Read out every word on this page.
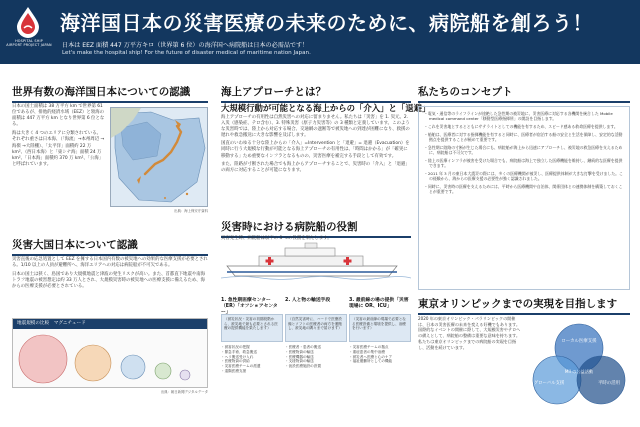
HOSPITAL SHIP
AIRPORT PROJECT JAPAN
海洋国日本の災害医療の未来のために、病院船を創ろう！
日本は EEZ 面積 447 万平方キロ（世界第 6 位）の海洋国へ病院船は日本の必需品です！
Let's make the hospital ship! For the future of disaster medical of maritime nation Japan.
世界有数の海洋国日本についての認識

日本の国土面積は 38 万平方 km で世界第 61 位であるが、排他的経済水域（EEZ）と領海の面積は 447 万平方 km となり世界第 6 位となる。

海は大きく 4 つのエリアに分類されている。それぞれ重さは日本海、（「海流」→本州周辺 → 海嶺 →大陸棚）、「太平洋」面積約 22 万 km²、（西日本海）と「東シナ海」面積 24 万 km²、「日本海」面積約 370 万 km²、「公海」と呼ばれています。

出典：海上保安庁資料
災害大国日本について認識

災害直後の応急処置として EEZ を擁する日本国内有数の被災地への効果的な医療支援が必要とされる。1/10 以上の人員が避難所へ、海洋エリアへの対応は病院船が不可欠である。

日本の国土は狭く、島国であり大規模地震と津波の発生リスクが高い。また、首都直下地震や南海トラフ地震の被害想定は約 33 万人とされ、大規模災害時の被災地への医療支援に備えるため、海からの医療支援が必要とされている。

地震規模の比較　マグニチュード
出典：朝日新聞デジタルデータ
海上アプローチとは？
大規模行動が可能となる海上からの「介入」と「退避」

海上アプローチの有用性は自然災害への対応に留まりません。私たちは「災害」を 1. 災元、2. 入災（感染症、テロ含む）、3. 特殊災害（原子力災害等）の 3 種類と定義しています。このような災害時では、陸上から対応する場合、交通網の遮断等で被災地への到達が困難になり、救援の遅れや救急搬送に大きな影響を及ぼします。

国直のいわゆる十分な陸上からの「介入」=Intervention と「退避」= 退避（Evacuation）を同時に行う大規模な行動が可能となる海上アプローチの有用性は、「時間はかかる」が「確実に移動する」ため重要なインフラとなるものの、災害医療を補完する手段として有効です。

また、陸路が寸断された場合でも海上からアプローチすることで、災害時の「介入」と「退避」の両方に対応することが可能になります。

災害時における病院船の役割
災害発生時、病院船は以下の 3 つの役割を果たします。
1. 急性期医療センター（ER）「オフショアセンター」
（被災状況・災害の初期段階から、被災地で最も必要とされる医療の提供機能を果たします）
・被害状況の把握
・緊急手術、救急搬送
・ヘリ搬送受け入れ
・医療物資の供給
・災害医療チームの派遣
・遠隔医療支援
2. 人と物の輸送手段
（自然災害時に、ハードで医療設備とソフトの医療者の両方を運搬し、被災地の隅々まで届けます）
・医療者・患者の搬送
・医療物資の輸送
・医療機器の輸送
・支援物資の輸送
・仮設医療施設の設置
3. 最前線の場の提供「災害現場に OR、ICU」
（災害の最前線の現場で必要となる医療設備と環境を提供し、治療を行います）
・災害医療チームの拠点
・重症患者の集中治療
・被災者へ医療と心のケア
・福祉避難所としての機能
私たちのコンセプト

・電気・通信等のライフラインが途絶した急性期の被災地に、災害医療に対応する各機関を統合した Mobile medical command center「移動型医療指揮所」の開設を目指します。

・これを災害地とするとともにサテライトとしての機能を有するため、スピード感ある救命医療を提供します。

・船舶は、医療者に対する指揮機能を有すると同時に、医療者が宿泊する船の安全と生活を保障し、安定的な活動拠点を提供することが極めて重要です。

・急性期に陸路の寸断が生じた場合にも、病院船が海上から迅速にアプローチし、被災地の救急医療を支えるために、病院船は不可欠です。

・陸上の医療インフラが被害を受けた場合でも、病院船は海上で独立した医療機能を維持し、継続的な医療を提供できます。

・2011 年 3 月の東日本大震災の際には、多くの医療機関が被災し、医療提供体制が大きな打撃を受けました。この経験から、海からの医療支援の必要性が強く認識されました。

・同時に、災害時の医療を支えるためには、平時から医療機関や自治体、関係団体との連携体制を構築しておくことが重要です。

東京オリンピックまでの実現を目指します
2020 年の東京オリンピック・パラリンピックの開催は、日本の災害医療の未来を変える好機でもあります。国際的なイベントの開催に際して、大規模災害やテロへの備えとして、病院船の整備は重要な意味を持ちます。私たちは東京オリンピックまでの病院船の実現を目指し、活動を続けています。
ローカル医療支援
グローバル支援	平時の活用
Mil の公益活動
